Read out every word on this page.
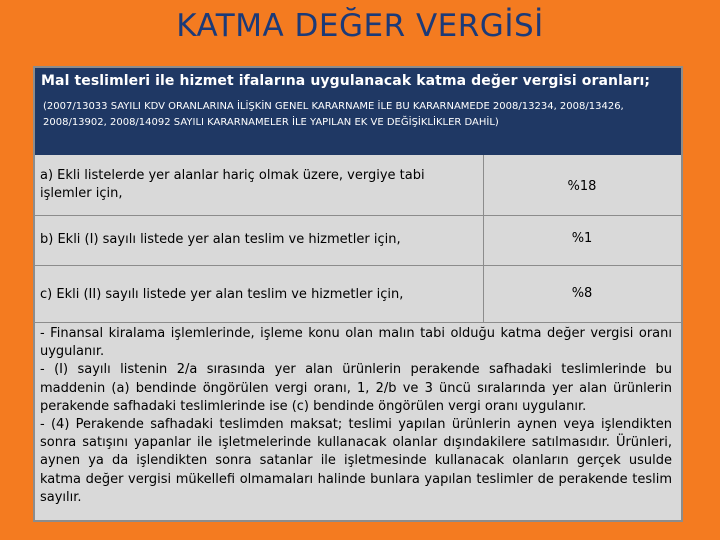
KATMA DEĞER VERGİSİ
Mal teslimleri ile hizmet ifalarına uygulanacak katma değer vergisi oranları;
(2007/13033 SAYILI KDV ORANLARINA İLİŞKİN GENEL KARARNAME İLE BU KARARNAMEDE 2008/13234, 2008/13426, 2008/13902, 2008/14092 SAYILI KARARNAMELER İLE YAPILAN EK VE DEĞİŞİKLİKLER DAHİL)
a) Ekli listelerde yer alanlar hariç olmak üzere, vergiye tabi işlemler için,	%18
b) Ekli (I) sayılı listede yer alan teslim ve hizmetler için,	%1
c) Ekli (II) sayılı listede yer alan teslim ve hizmetler için,	%8

- Finansal kiralama işlemlerinde, işleme konu olan malın tabi olduğu katma değer vergisi oranı uygulanır.

- (I) sayılı listenin 2/a sırasında yer alan ürünlerin perakende safhadaki teslimlerinde bu maddenin (a) bendinde öngörülen vergi oranı, 1, 2/b ve 3 üncü sıralarında yer alan ürünlerin perakende safhadaki teslimlerinde ise (c) bendinde öngörülen vergi oranı uygulanır.

- (4) Perakende safhadaki teslimden maksat; teslimi yapılan ürünlerin aynen veya işlendikten sonra satışını yapanlar ile işletmelerinde kullanacak olanlar dışındakilere satılmasıdır. Ürünleri, aynen ya da işlendikten sonra satanlar ile işletmesinde kullanacak olanların gerçek usulde katma değer vergisi mükellefi olmamaları halinde bunlara yapılan teslimler de perakende teslim sayılır.
